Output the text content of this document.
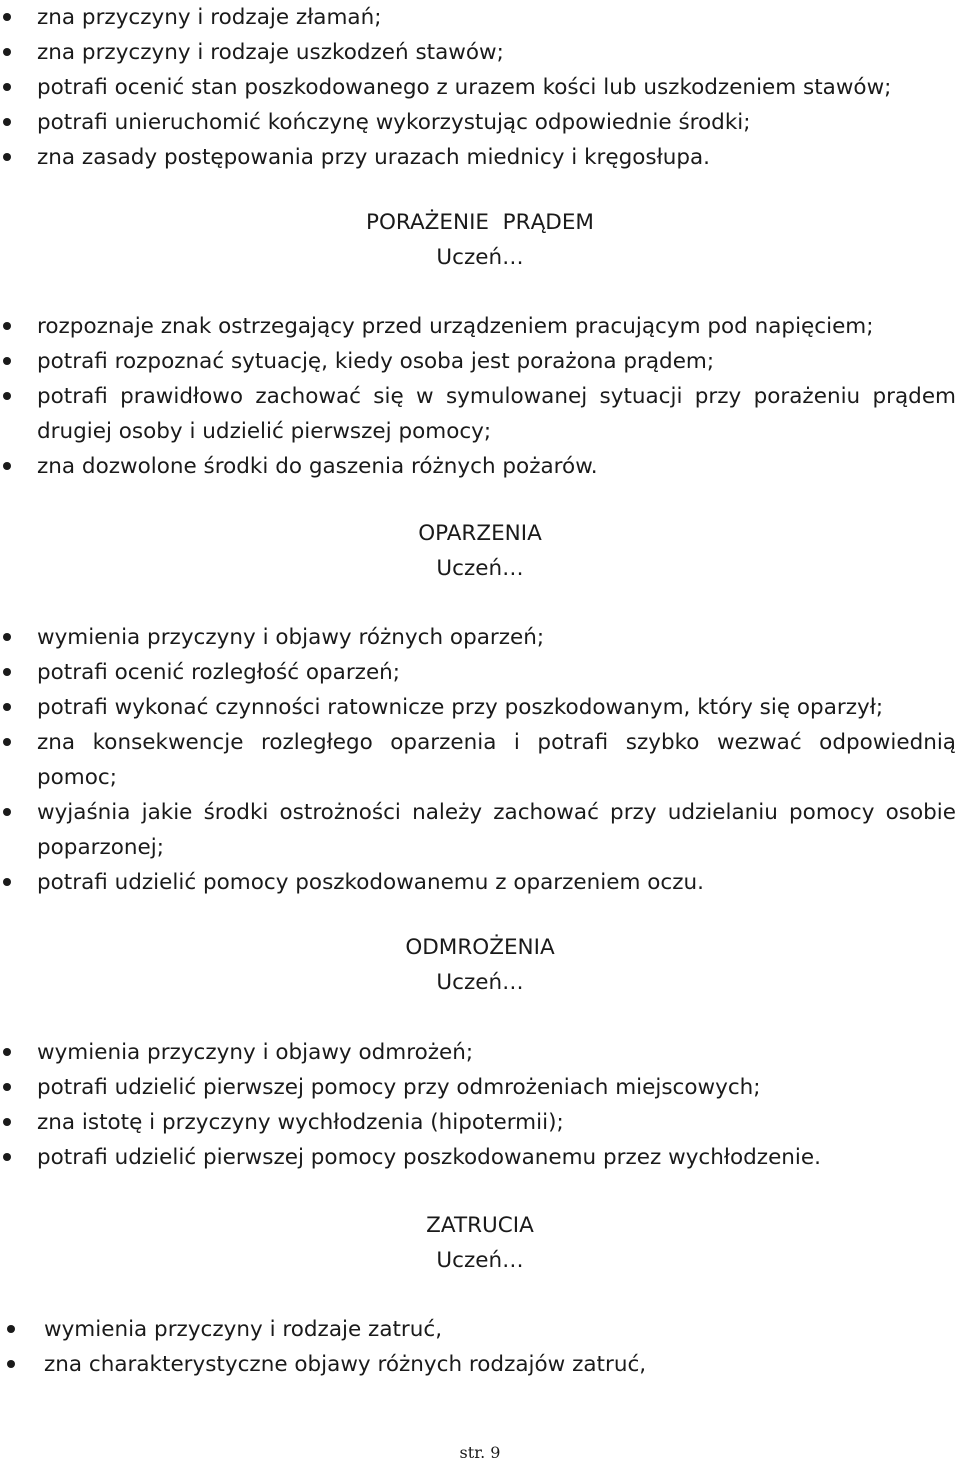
zna przyczyny i rodzaje złamań;
zna przyczyny i rodzaje uszkodzeń stawów;
potrafi ocenić stan poszkodowanego z urazem kości lub uszkodzeniem stawów;
potrafi unieruchomić kończynę wykorzystując odpowiednie środki;
zna zasady postępowania przy urazach miednicy i kręgosłupa.
PORAŻENIE  PRĄDEM
Uczeń…
rozpoznaje znak ostrzegający przed urządzeniem pracującym pod napięciem;
potrafi rozpoznać sytuację, kiedy osoba jest porażona prądem;
potrafi prawidłowo zachować się w symulowanej sytuacji przy porażeniu prądem drugiej osoby i udzielić pierwszej pomocy;
zna dozwolone środki do gaszenia różnych pożarów.
OPARZENIA
Uczeń…
wymienia przyczyny i objawy różnych oparzeń;
potrafi ocenić rozległość oparzeń;
potrafi wykonać czynności ratownicze przy poszkodowanym, który się oparzył;
zna konsekwencje rozległego oparzenia i potrafi szybko wezwać odpowiednią pomoc;
wyjaśnia jakie środki ostrożności należy zachować przy udzielaniu pomocy osobie poparzonej;
potrafi udzielić pomocy poszkodowanemu z oparzeniem oczu.
ODMROŻENIA
Uczeń…
wymienia przyczyny i objawy odmrożeń;
potrafi udzielić pierwszej pomocy przy odmrożeniach miejscowych;
zna istotę i przyczyny wychłodzenia (hipotermii);
potrafi udzielić pierwszej pomocy poszkodowanemu przez wychłodzenie.
ZATRUCIA
Uczeń…
wymienia przyczyny i rodzaje zatruć,
zna charakterystyczne objawy różnych rodzajów zatruć,
str. 9
